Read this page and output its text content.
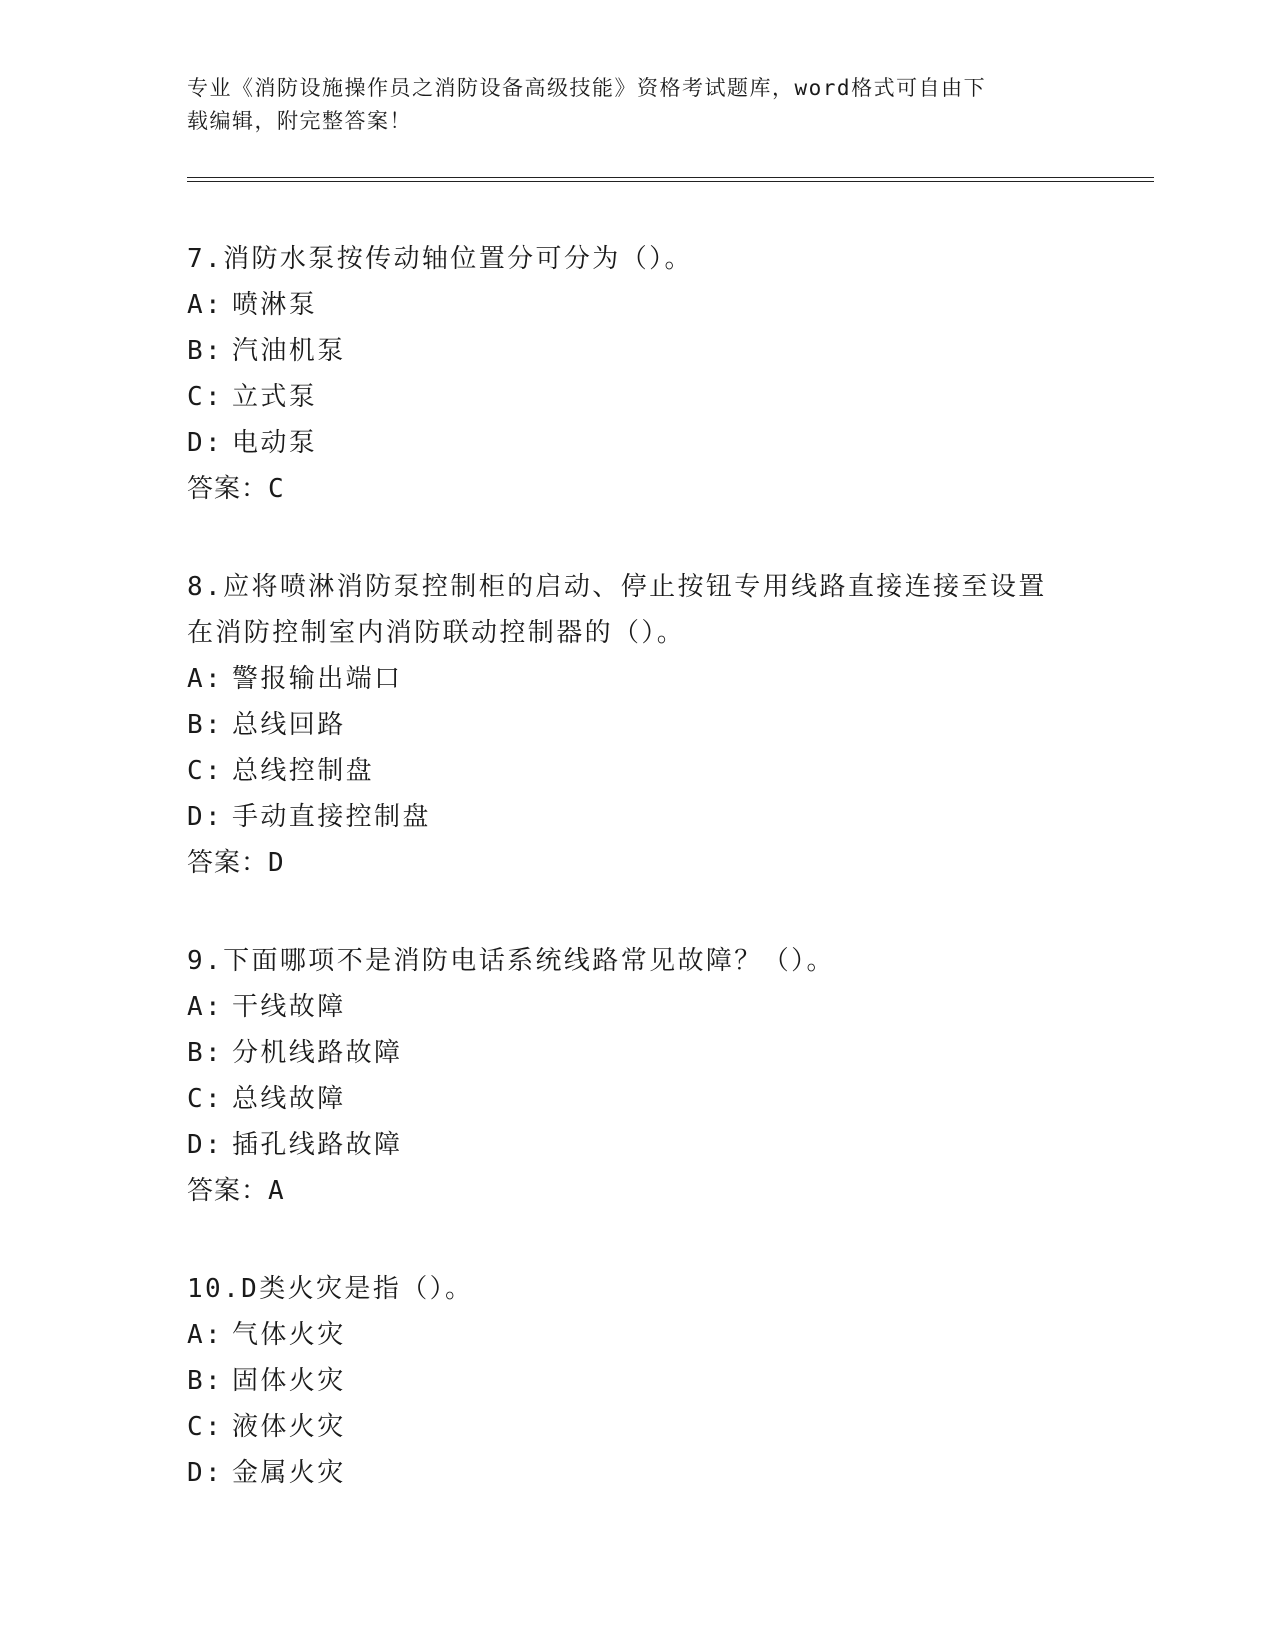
专业《消防设施操作员之消防设备高级技能》资格考试题库，word格式可自由下
载编辑，附完整答案！

7.消防水泵按传动轴位置分可分为（）。

A: 喷淋泵

B: 汽油机泵

C: 立式泵

D: 电动泵

答案：C

8.应将喷淋消防泵控制柜的启动、停止按钮专用线路直接连接至设置

在消防控制室内消防联动控制器的（）。

A: 警报输出端口

B: 总线回路

C: 总线控制盘

D: 手动直接控制盘

答案：D

9.下面哪项不是消防电话系统线路常见故障？（）。

A: 干线故障

B: 分机线路故障

C: 总线故障

D: 插孔线路故障

答案：A

10.D类火灾是指（）。

A: 气体火灾

B: 固体火灾

C: 液体火灾

D: 金属火灾
